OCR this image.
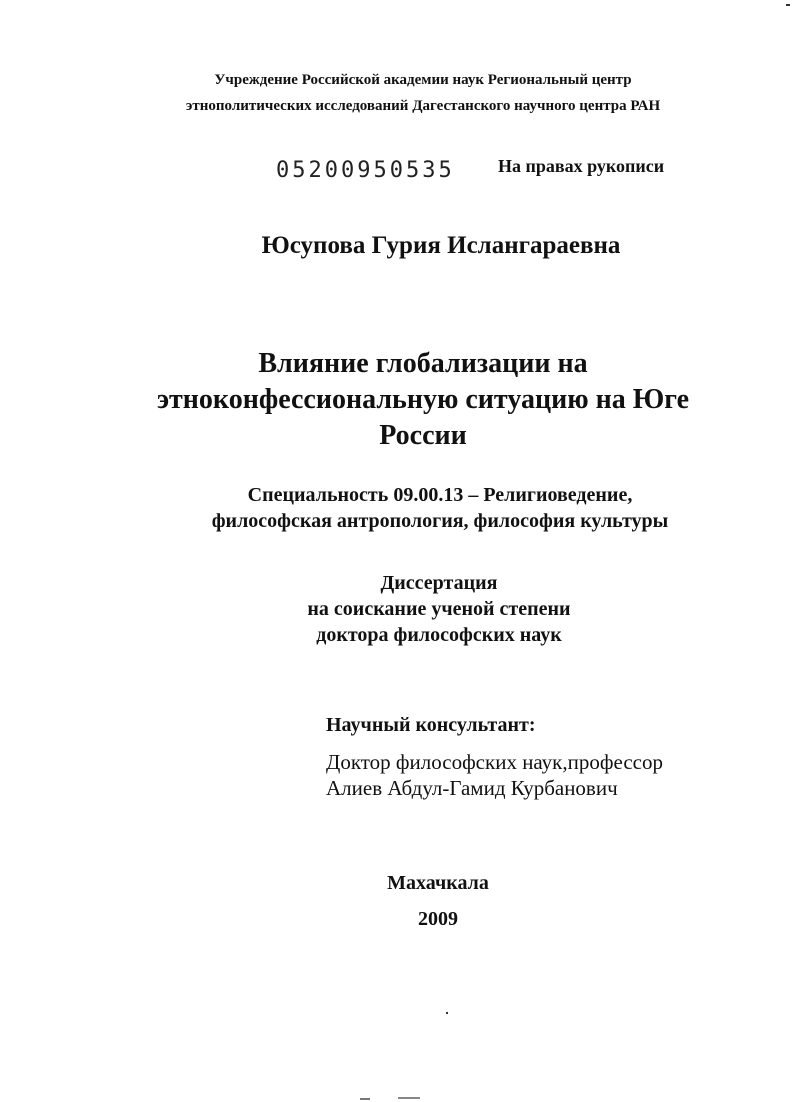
Учреждение Российской академии наук Региональный центр
этнополитических исследований Дагестанского научного центра РАН
05200950535 На правах рукописи
Юсупова Гурия Ислангараевна
Влияние глобализации на
этноконфессиональную ситуацию на Юге
России
Специальность 09.00.13 – Религиоведение,
философская антропология, философия культуры
Диссертация
на соискание ученой степени
доктора философских наук
Научный консультант:
Доктор философских наук,профессор
Алиев Абдул-Гамид Курбанович
Махачкала
2009
